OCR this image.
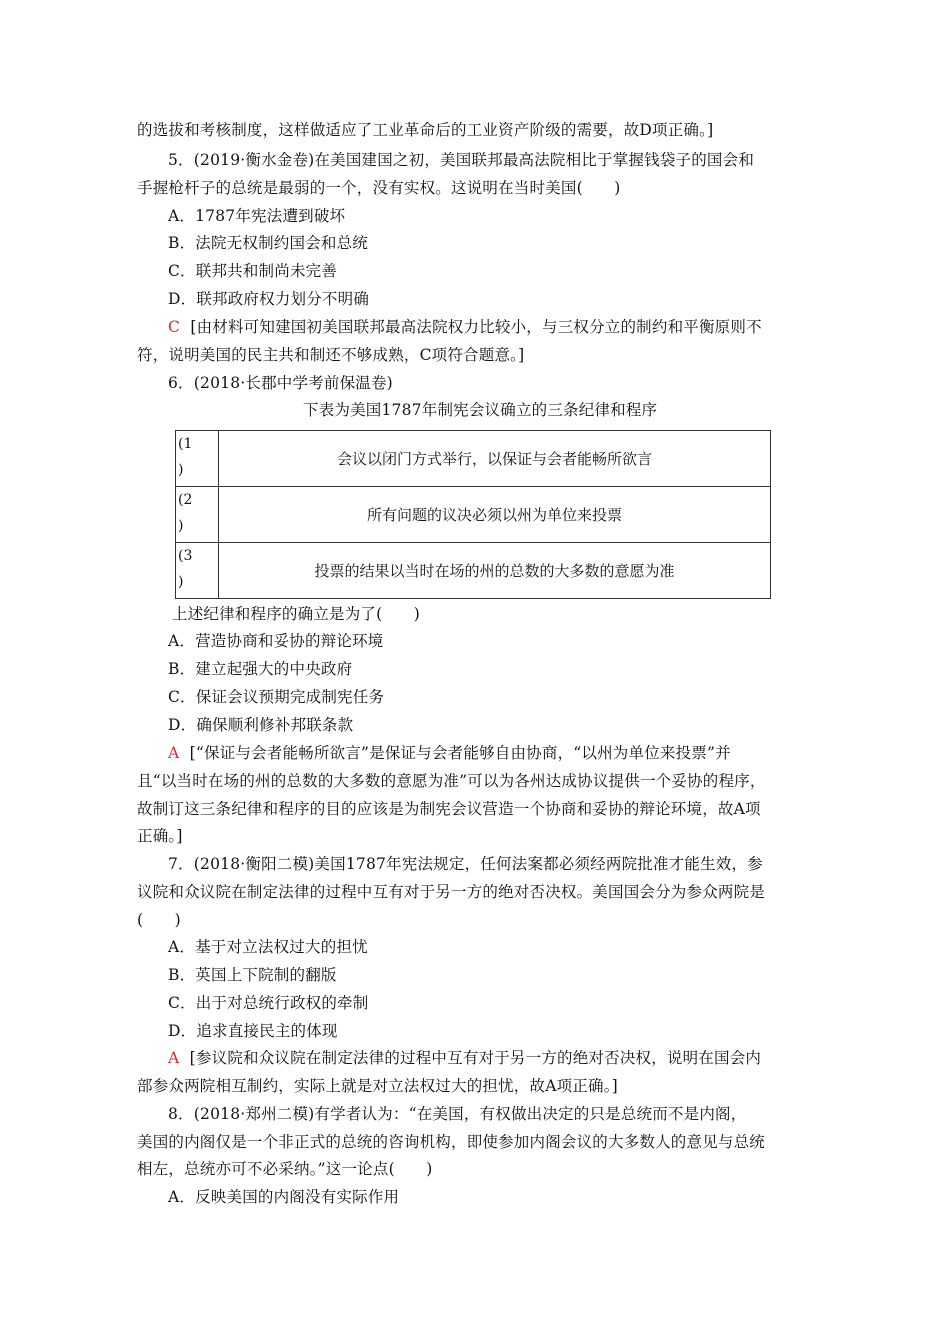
的选拔和考核制度，这样做适应了工业革命后的工业资产阶级的需要，故D项正确。]
5．(2019·衡水金卷)在美国建国之初，美国联邦最高法院相比于掌握钱袋子的国会和
手握枪杆子的总统是最弱的一个，没有实权。这说明在当时美国(　　)
A．1787年宪法遭到破坏
B．法院无权制约国会和总统
C．联邦共和制尚未完善
D．联邦政府权力划分不明确
C [由材料可知建国初美国联邦最高法院权力比较小，与三权分立的制约和平衡原则不
符，说明美国的民主共和制还不够成熟，C项符合题意。]
6．(2018·长郡中学考前保温卷)
下表为美国1787年制宪会议确立的三条纪律和程序
(1
)	会议以闭门方式举行，以保证与会者能畅所欲言
(2
)	所有问题的议决必须以州为单位来投票
(3
)	投票的结果以当时在场的州的总数的大多数的意愿为准
上述纪律和程序的确立是为了(　　)
A．营造协商和妥协的辩论环境
B．建立起强大的中央政府
C．保证会议预期完成制宪任务
D．确保顺利修补邦联条款
A [“保证与会者能畅所欲言”是保证与会者能够自由协商，“以州为单位来投票”并
且“以当时在场的州的总数的大多数的意愿为准”可以为各州达成协议提供一个妥协的程序，
故制订这三条纪律和程序的目的应该是为制宪会议营造一个协商和妥协的辩论环境，故A项
正确。]
7．(2018·衡阳二模)美国1787年宪法规定，任何法案都必须经两院批准才能生效，参
议院和众议院在制定法律的过程中互有对于另一方的绝对否决权。美国国会分为参众两院是
(　　)
A．基于对立法权过大的担忧
B．英国上下院制的翻版
C．出于对总统行政权的牵制
D．追求直接民主的体现
A [参议院和众议院在制定法律的过程中互有对于另一方的绝对否决权，说明在国会内
部参众两院相互制约，实际上就是对立法权过大的担忧，故A项正确。]
8．(2018·郑州二模)有学者认为：“在美国，有权做出决定的只是总统而不是内阁，
美国的内阁仅是一个非正式的总统的咨询机构，即使参加内阁会议的大多数人的意见与总统
相左，总统亦可不必采纳。”这一论点(　　)
A．反映美国的内阁没有实际作用
